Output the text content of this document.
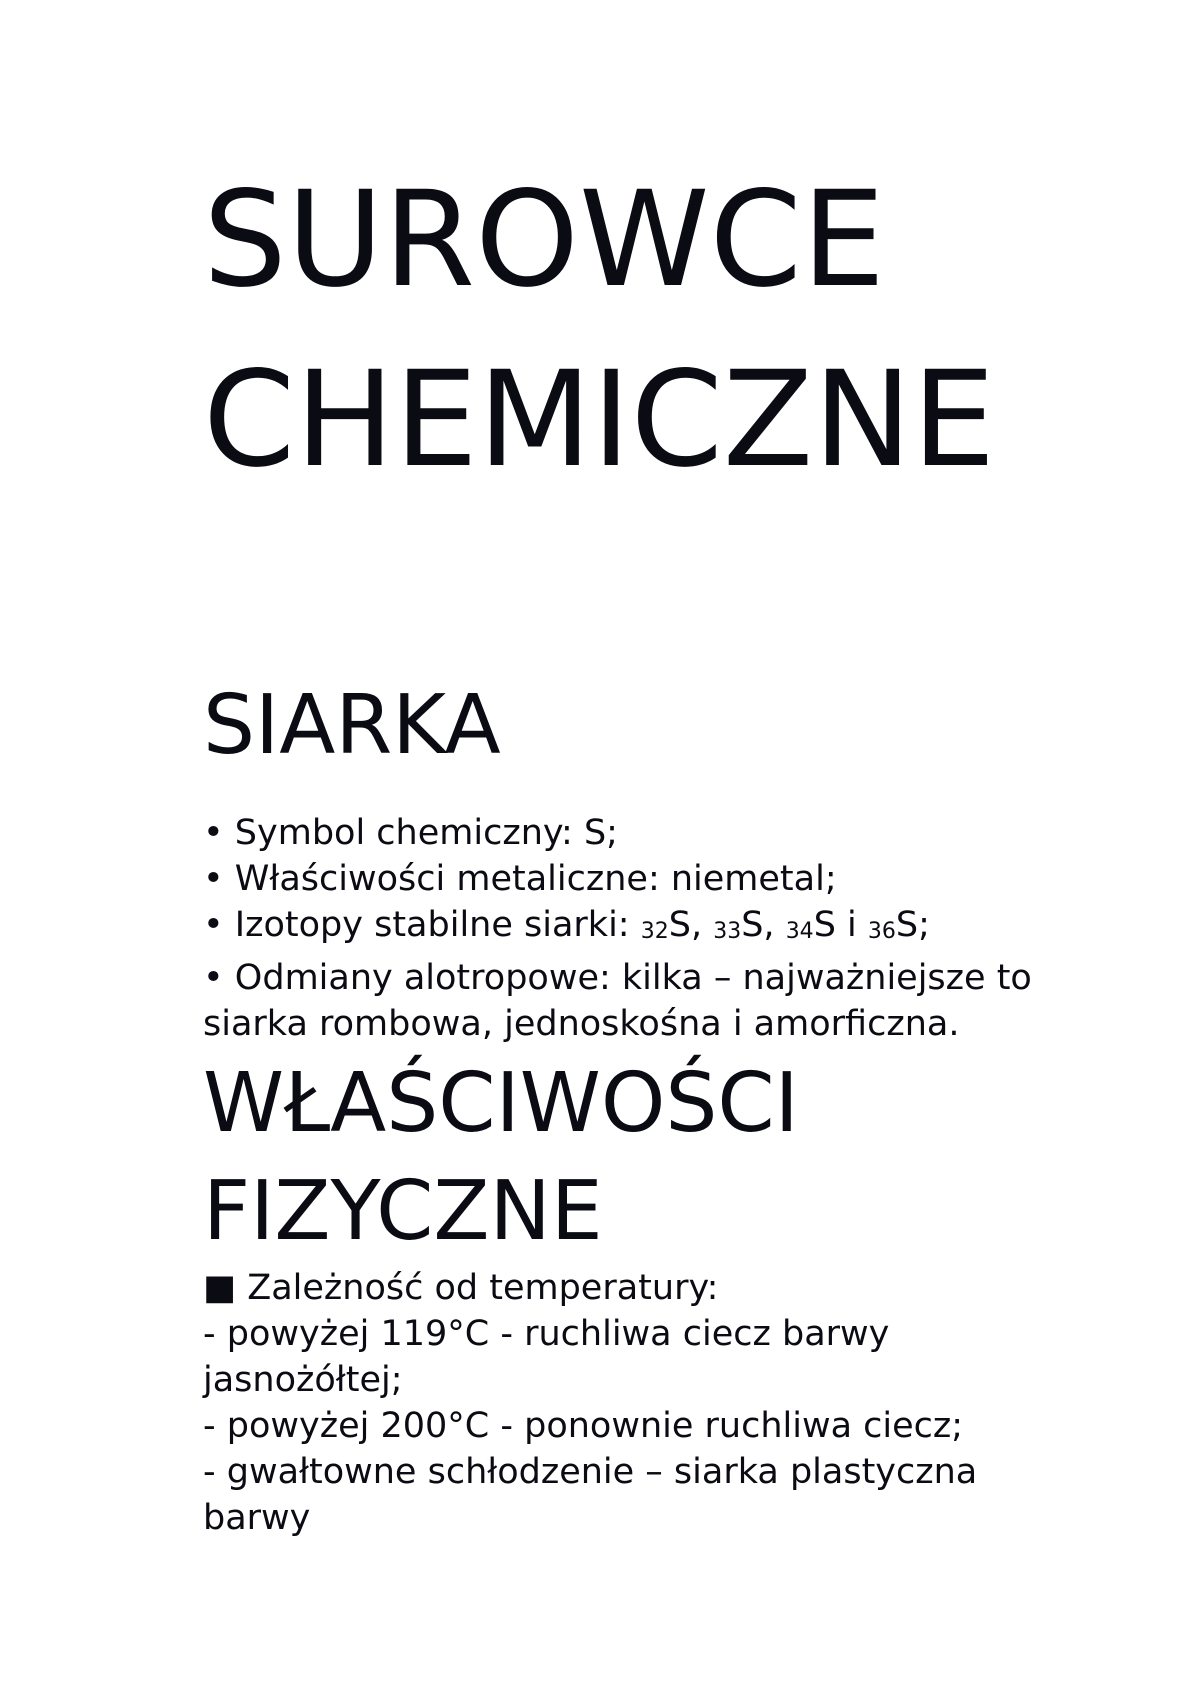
SUROWCE
CHEMICZNE
SIARKA
• Symbol chemiczny: S;
• Właściwości metaliczne: niemetal;
• Izotopy stabilne siarki: 32S, 33S, 34S i 36S;
• Odmiany alotropowe: kilka – najważniejsze to siarka rombowa, jednoskośna i amorficzna.
WŁAŚCIWOŚCI
FIZYCZNE
■ Zależność od temperatury:
- powyżej 119°C - ruchliwa ciecz barwy jasnożółtej;
- powyżej 200°C - ponownie ruchliwa ciecz;
- gwałtowne schłodzenie – siarka plastyczna barwy
